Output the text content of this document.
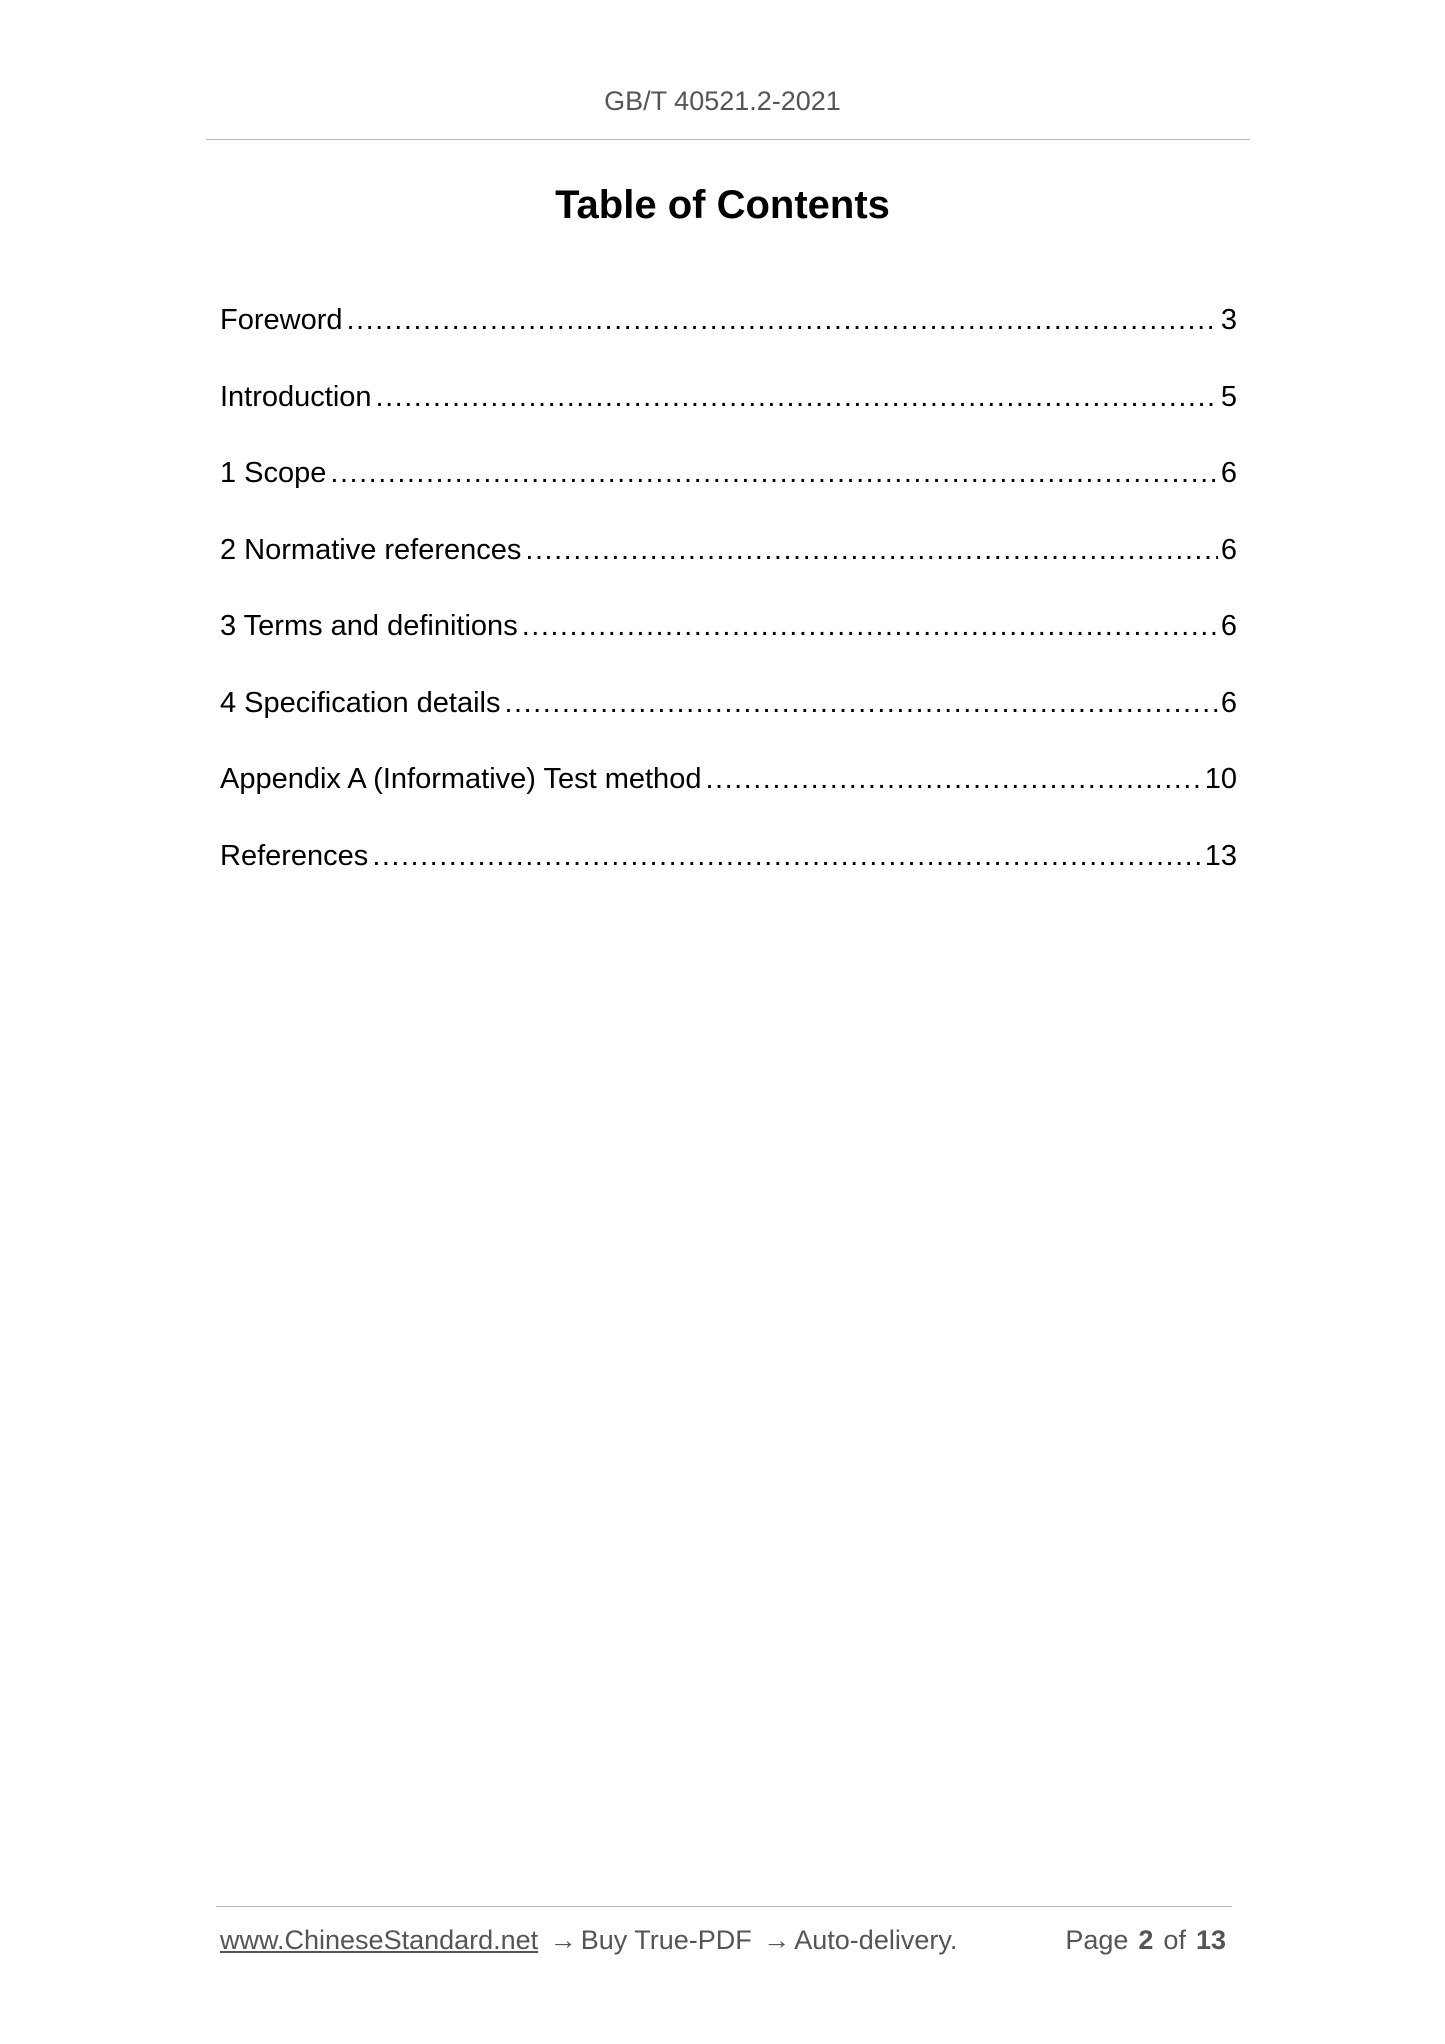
GB/T 40521.2-2021
Table of Contents
Foreword .....	3
Introduction .....	5
1 Scope .....	6
2 Normative references .....	6
3 Terms and definitions .....	6
4 Specification details .....	6
Appendix A (Informative) Test method .....	10
References .....	13
www.ChineseStandard.net → Buy True-PDF → Auto-delivery.	Page 2 of 13
